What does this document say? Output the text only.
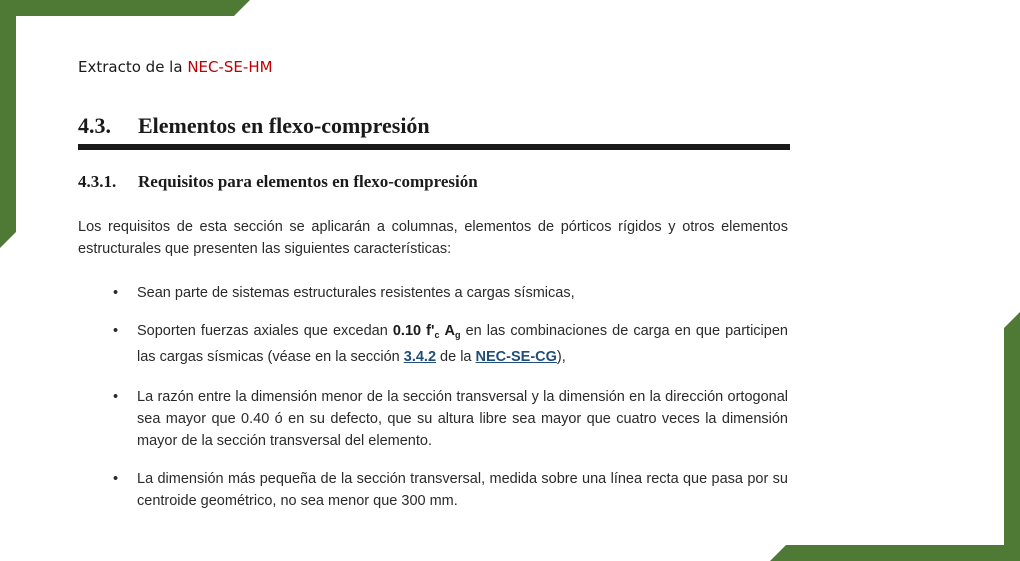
Extracto de la NEC-SE-HM
4.3. Elementos en flexo-compresión
4.3.1. Requisitos para elementos en flexo-compresión
Los requisitos de esta sección se aplicarán a columnas, elementos de pórticos rígidos y otros elementos estructurales que presenten las siguientes características:
• Sean parte de sistemas estructurales resistentes a cargas sísmicas,
• Soporten fuerzas axiales que excedan 0.10 $f'_c$ $A_g$ en las combinaciones de carga en que participen las cargas sísmicas (véase en la sección 3.4.2 de la NEC-SE-CG),
• La razón entre la dimensión menor de la sección transversal y la dimensión en la dirección ortogonal sea mayor que 0.40 ó en su defecto, que su altura libre sea mayor que cuatro veces la dimensión mayor de la sección transversal del elemento.
• La dimensión más pequeña de la sección transversal, medida sobre una línea recta que pasa por su centroide geométrico, no sea menor que 300 mm.
